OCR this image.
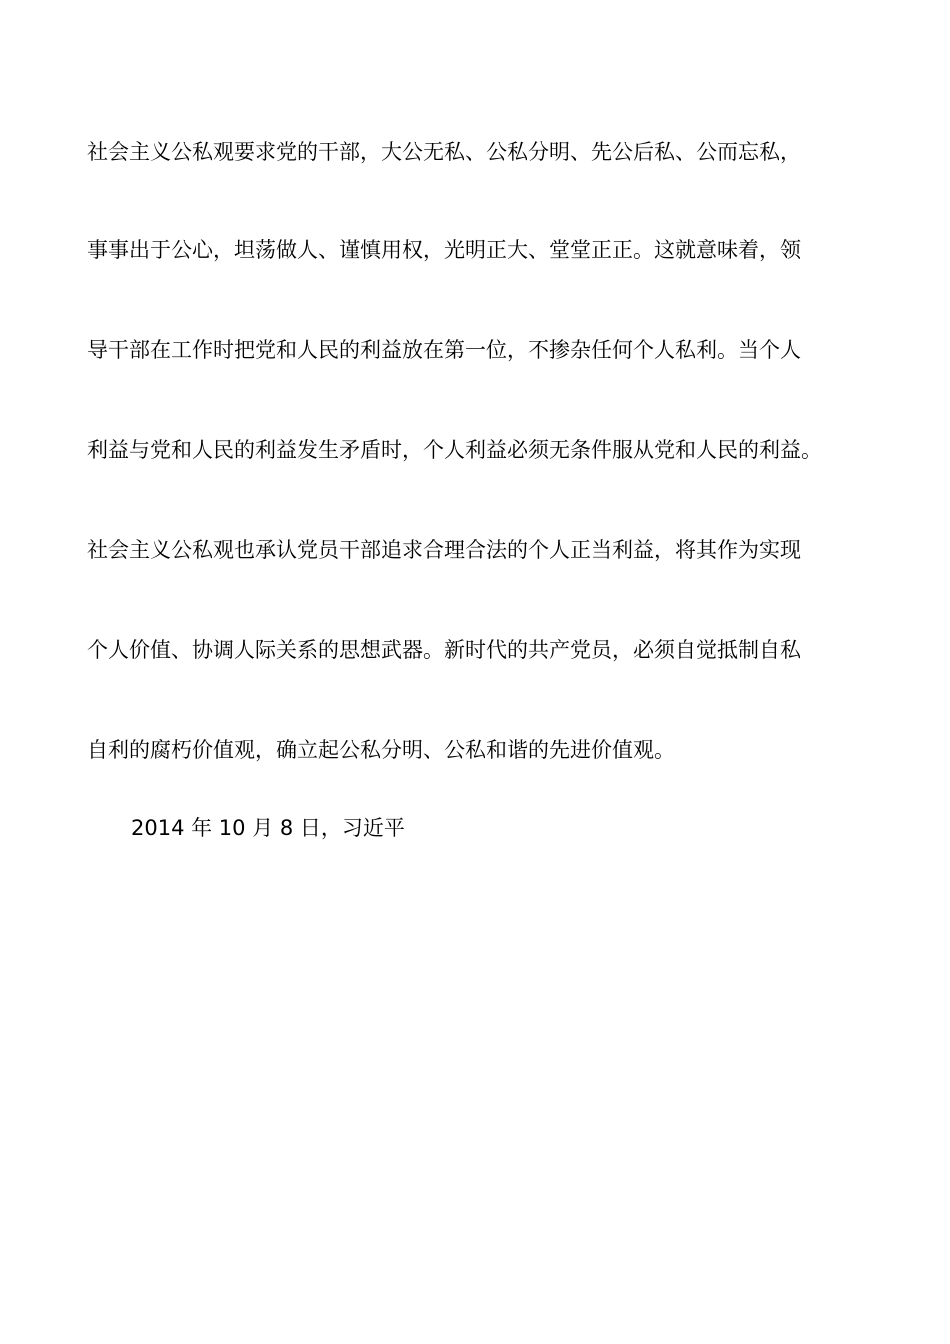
社会主义公私观要求党的干部，大公无私、公私分明、先公后私、公而忘私，
事事出于公心，坦荡做人、谨慎用权，光明正大、堂堂正正。这就意味着，领
导干部在工作时把党和人民的利益放在第一位，不掺杂任何个人私利。当个人
利益与党和人民的利益发生矛盾时，个人利益必须无条件服从党和人民的利益。
社会主义公私观也承认党员干部追求合理合法的个人正当利益，将其作为实现
个人价值、协调人际关系的思想武器。新时代的共产党员，必须自觉抵制自私
自利的腐朽价值观，确立起公私分明、公私和谐的先进价值观。
2014 年 10 月 8 日，习近平
